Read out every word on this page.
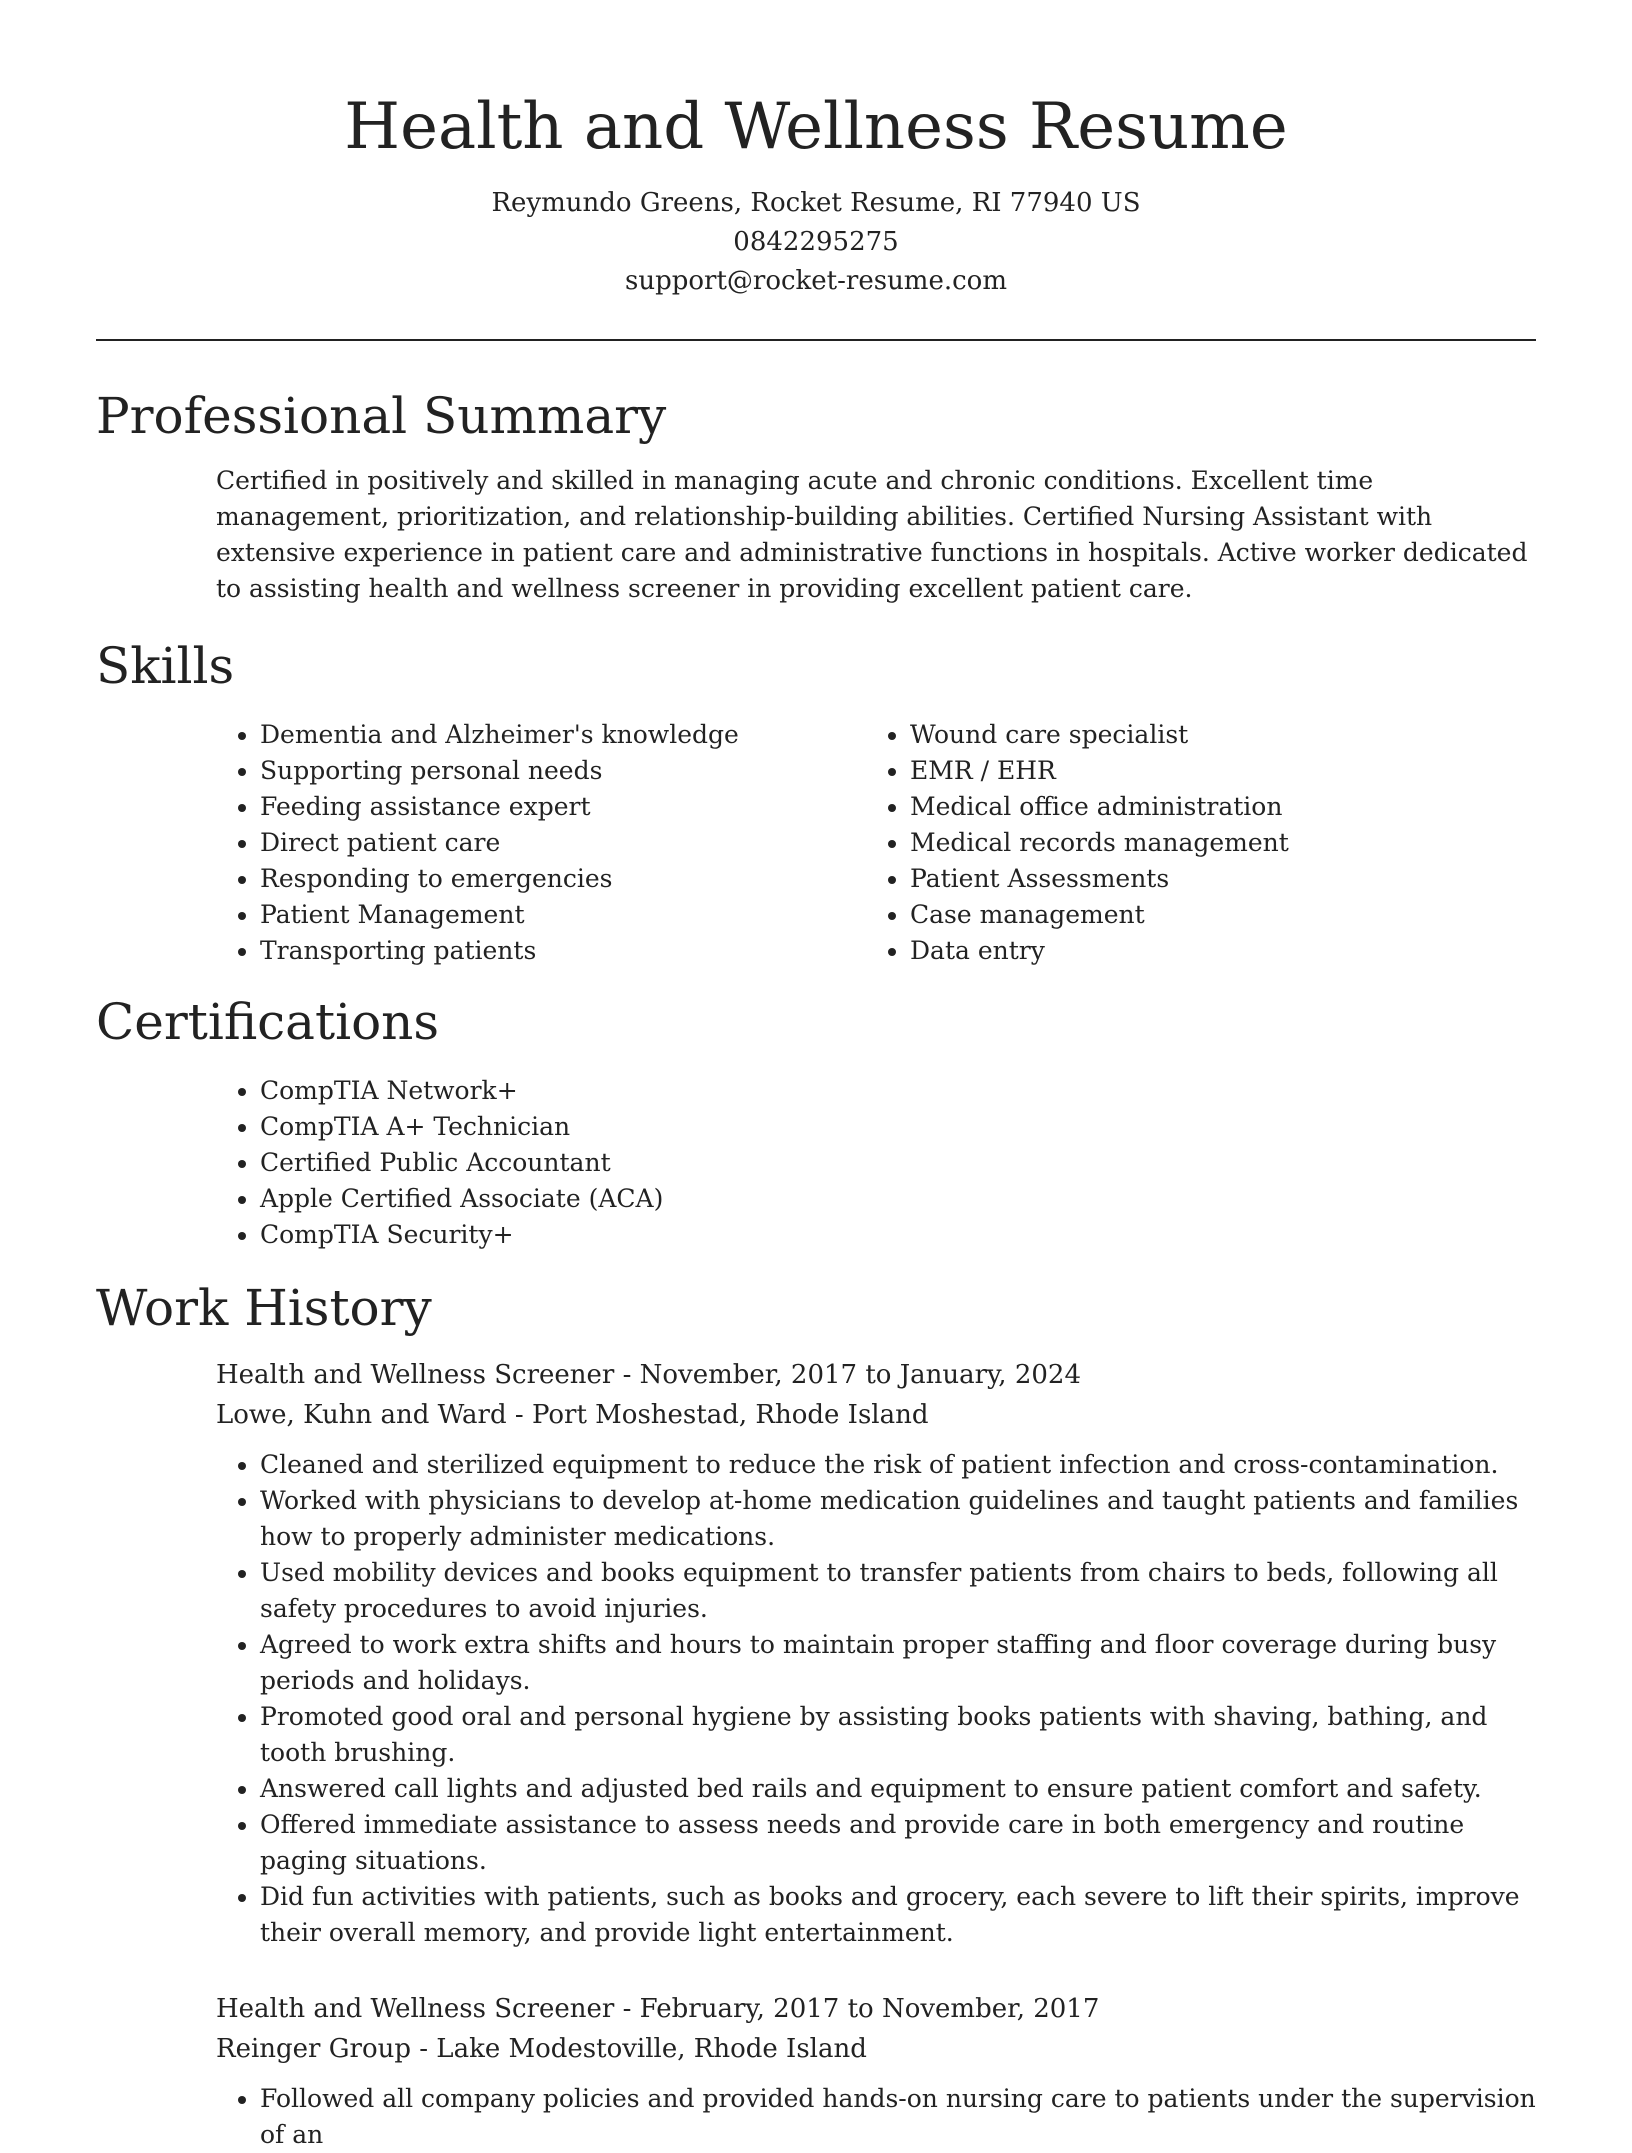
Health and Wellness Resume
Reymundo Greens, Rocket Resume, RI 77940 US
0842295275
support@rocket-resume.com
Professional Summary

Certified in positively and skilled in managing acute and chronic conditions. Excellent time management, prioritization, and relationship-building abilities. Certified Nursing Assistant with extensive experience in patient care and administrative functions in hospitals. Active worker dedicated to assisting health and wellness screener in providing excellent patient care.

Skills
• Dementia and Alzheimer's knowledge
• Supporting personal needs
• Feeding assistance expert
• Direct patient care
• Responding to emergencies
• Patient Management
• Transporting patients
• Wound care specialist
• EMR / EHR
• Medical office administration
• Medical records management
• Patient Assessments
• Case management
• Data entry
Certifications
• CompTIA Network+
• CompTIA A+ Technician
• Certified Public Accountant
• Apple Certified Associate (ACA)
• CompTIA Security+
Work History
Health and Wellness Screener - November, 2017 to January, 2024
Lowe, Kuhn and Ward - Port Moshestad, Rhode Island
• Cleaned and sterilized equipment to reduce the risk of patient infection and cross-contamination.
• Worked with physicians to develop at-home medication guidelines and taught patients and families how to properly administer medications.
• Used mobility devices and books equipment to transfer patients from chairs to beds, following all safety procedures to avoid injuries.
• Agreed to work extra shifts and hours to maintain proper staffing and floor coverage during busy periods and holidays.
• Promoted good oral and personal hygiene by assisting books patients with shaving, bathing, and tooth brushing.
• Answered call lights and adjusted bed rails and equipment to ensure patient comfort and safety.
• Offered immediate assistance to assess needs and provide care in both emergency and routine paging situations.
• Did fun activities with patients, such as books and grocery, each severe to lift their spirits, improve their overall memory, and provide light entertainment.
Health and Wellness Screener - February, 2017 to November, 2017
Reinger Group - Lake Modestoville, Rhode Island
• Followed all company policies and provided hands-on nursing care to patients under the supervision of an
